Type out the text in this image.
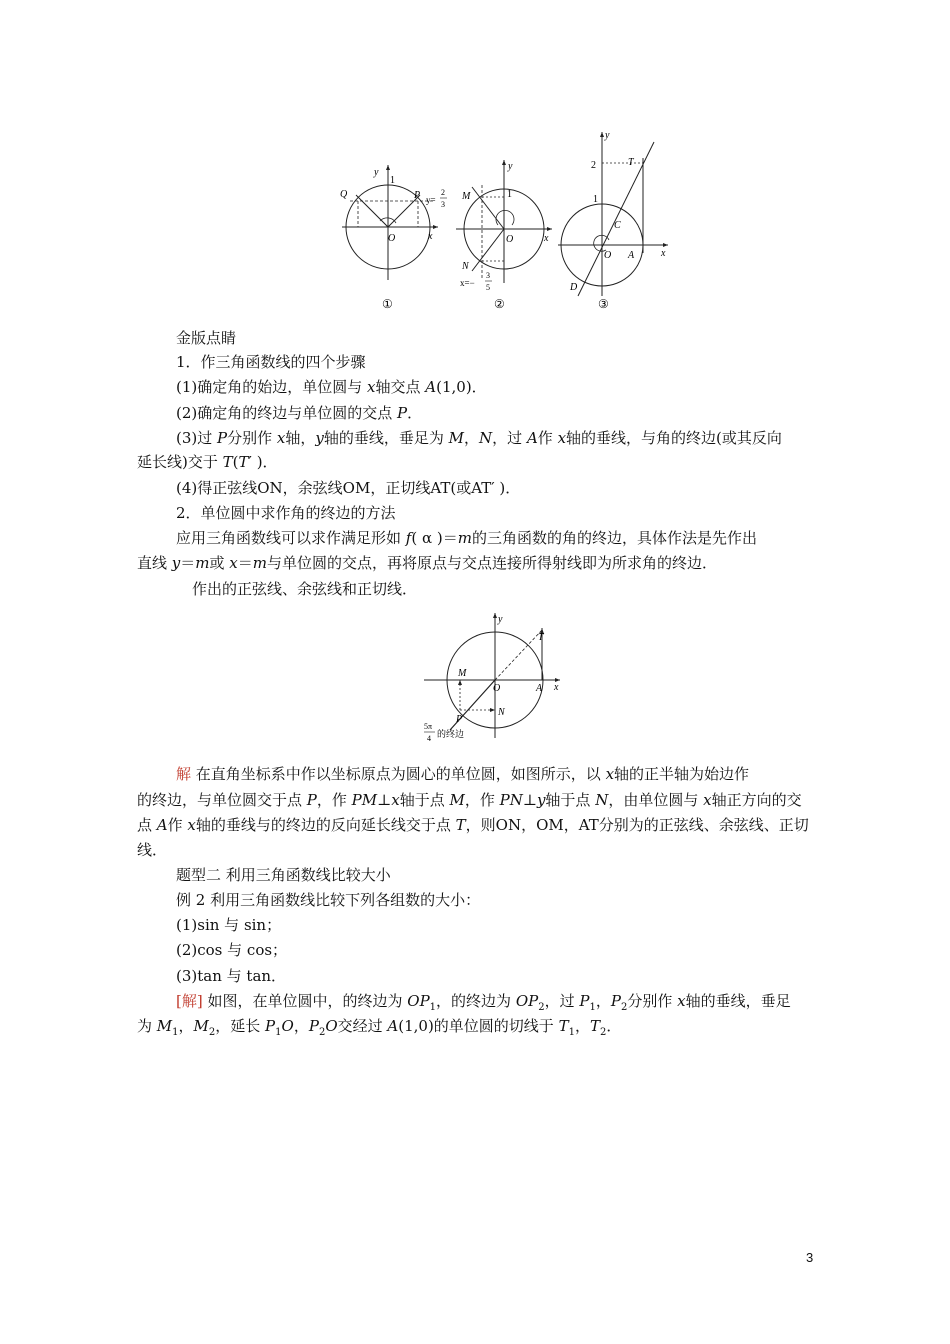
y
1
Q	P y=
2
3
O	x
①
y
1
M
N
O	x
x=−
3
5
②
y
2	T
1
C
O A	x
D
③
金版点睛
1．作三角函数线的四个步骤
(1)确定角的始边，单位圆与 x轴交点 A(1,0)．
(2)确定角的终边与单位圆的交点 P．
(3)过 P分别作 x轴，y轴的垂线，垂足为 M，N，过 A作 x轴的垂线，与角的终边(或其反向
延长线)交于 T(T′ )．
(4)得正弦线ON，余弦线OM，正切线AT(或AT′ )．
2．单位圆中求作角的终边的方法
应用三角函数线可以求作满足形如 f( α )＝m的三角函数的角的终边，具体作法是先作出
直线 y＝m或 x＝m与单位圆的交点，再将原点与交点连接所得射线即为所求角的终边．
作出的正弦线、余弦线和正切线．
y
T
M
O	A x
N
P
5π
4 的终边
解 在直角坐标系中作以坐标原点为圆心的单位圆，如图所示，以 x轴的正半轴为始边作
的终边，与单位圆交于点 P，作 PM⊥x轴于点 M，作 PN⊥y轴于点 N，由单位圆与 x轴正方向的交
点 A作 x轴的垂线与的终边的反向延长线交于点 T，则ON，OM，AT分别为的正弦线、余弦线、正切
线．
题型二 利用三角函数线比较大小
例 2 利用三角函数线比较下列各组数的大小：
(1)sin 与 sin；
(2)cos 与 cos；
(3)tan 与 tan．
[解] 如图，在单位圆中，的终边为 $OP_1$，的终边为 $OP_2$，过 $P_1$，$P_2$分别作 x轴的垂线，垂足
为 $M_1$，$M_2$，延长 $P_1O$，$P_2O$交经过 A(1,0)的单位圆的切线于 $T_1$，$T_2$．
3
